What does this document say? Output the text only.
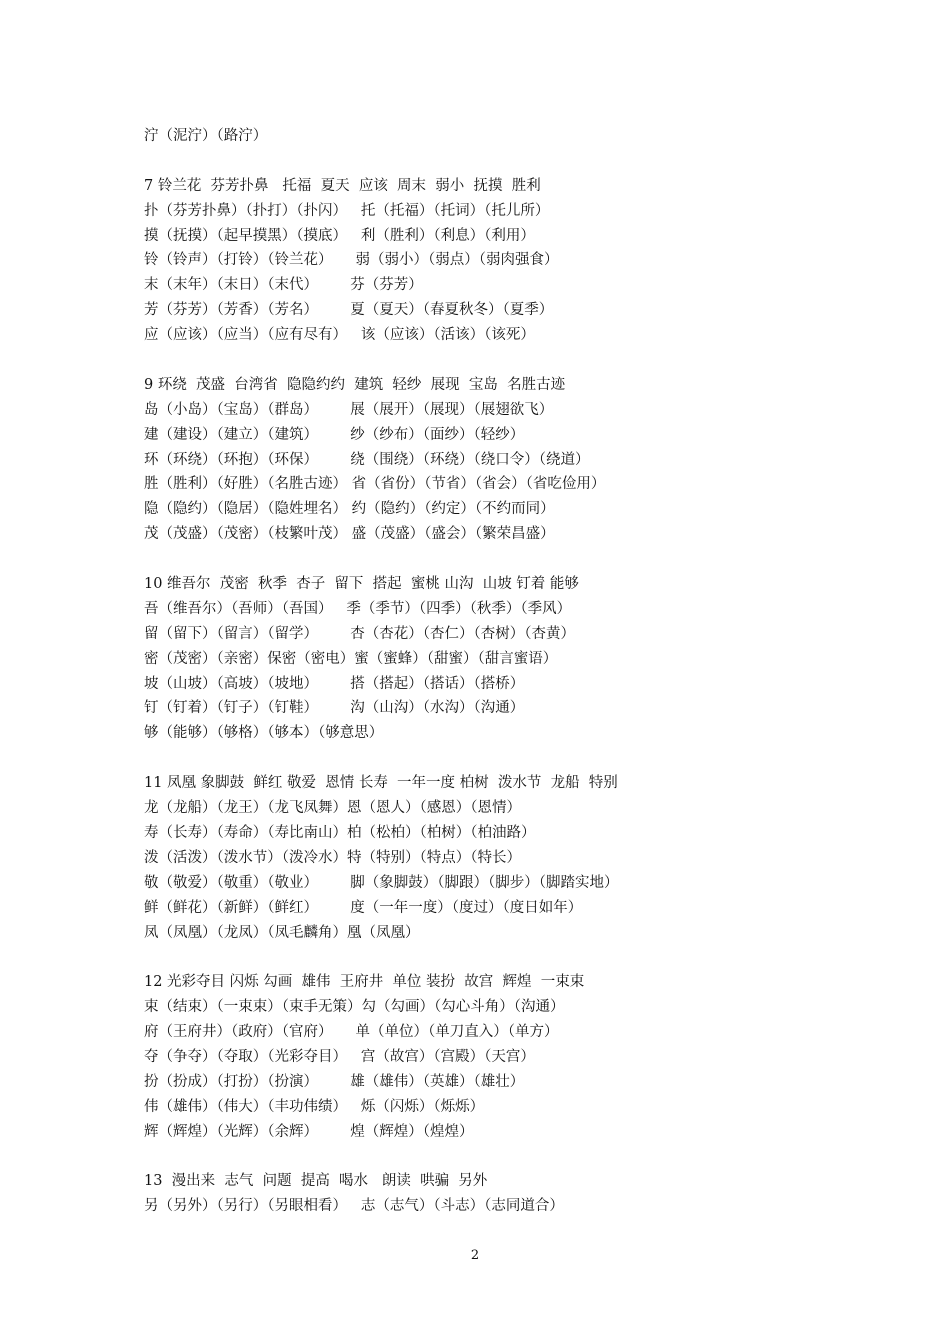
泞（泥泞）（路泞）
7 铃兰花  芬芳扑鼻   托福  夏天  应该  周末  弱小  抚摸  胜利
扑（芬芳扑鼻）（扑打）（扑闪）   托（托福）（托词）（托儿所）
摸（抚摸）（起早摸黑）（摸底）   利（胜利）（利息）（利用）
铃（铃声）（打铃）（铃兰花）     弱（弱小）（弱点）（弱肉强食）
末（末年）（末日）（末代）       芬（芬芳）
芳（芬芳）（芳香）（芳名）       夏（夏天）（春夏秋冬）（夏季）
应（应该）（应当）（应有尽有）   该（应该）（活该）（该死）
9 环绕  茂盛  台湾省  隐隐约约  建筑  轻纱  展现  宝岛  名胜古迹
岛（小岛）（宝岛）（群岛）       展（展开）（展现）（展翅欲飞）
建（建设）（建立）（建筑）       纱（纱布）（面纱）（轻纱）
环（环绕）（环抱）（环保）       绕（围绕）（环绕）（绕口令）（绕道）
胜（胜利）（好胜）（名胜古迹） 省（省份）（节省）（省会）（省吃俭用）
隐（隐约）（隐居）（隐姓埋名） 约（隐约）（约定）（不约而同）
茂（茂盛）（茂密）（枝繁叶茂） 盛（茂盛）（盛会）（繁荣昌盛）
10 维吾尔  茂密  秋季  杏子  留下  搭起  蜜桃 山沟  山坡 钉着 能够
吾（维吾尔）（吾师）（吾国）   季（季节）（四季）（秋季）（季风）
留（留下）（留言）（留学）       杏（杏花）（杏仁）（杏树）（杏黄）
密（茂密）（亲密）保密（密电）蜜（蜜蜂）（甜蜜）（甜言蜜语）
坡（山坡）（高坡）（坡地）       搭（搭起）（搭话）（搭桥）
钉（钉着）（钉子）（钉鞋）       沟（山沟）（水沟）（沟通）
够（能够）（够格）（够本）（够意思）
11 凤凰 象脚鼓  鲜红 敬爱  恩情 长寿  一年一度 柏树  泼水节  龙船  特别
龙（龙船）（龙王）（龙飞凤舞）恩（恩人）（感恩）（恩情）
寿（长寿）（寿命）（寿比南山）柏（松柏）（柏树）（柏油路）
泼（活泼）（泼水节）（泼冷水）特（特别）（特点）（特长）
敬（敬爱）（敬重）（敬业）       脚（象脚鼓）（脚跟）（脚步）（脚踏实地）
鲜（鲜花）（新鲜）（鲜红）       度（一年一度）（度过）（度日如年）
凤（凤凰）（龙凤）（凤毛麟角）凰（凤凰）
12 光彩夺目 闪烁 勾画  雄伟  王府井  单位 装扮  故宫  辉煌  一束束
束（结束）（一束束）（束手无策）勾（勾画）（勾心斗角）（沟通）
府（王府井）（政府）（官府）     单（单位）（单刀直入）（单方）
夺（争夺）（夺取）（光彩夺目）   宫（故宫）（宫殿）（天宫）
扮（扮成）（打扮）（扮演）       雄（雄伟）（英雄）（雄壮）
伟（雄伟）（伟大）（丰功伟绩）   烁（闪烁）（烁烁）
辉（辉煌）（光辉）（余辉）       煌（辉煌）（煌煌）
13  漫出来  志气  问题  提高  喝水   朗读  哄骗  另外
另（另外）（另行）（另眼相看）   志（志气）（斗志）（志同道合）
2
